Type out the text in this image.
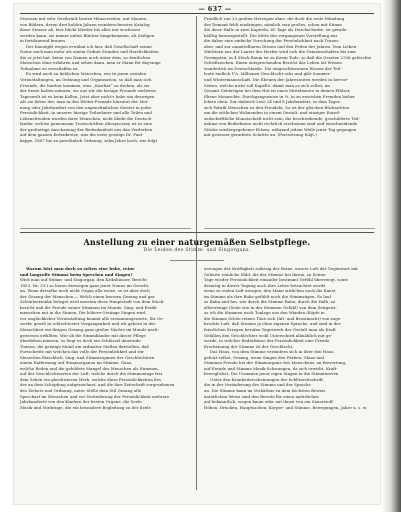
— 637 —
Strassen mit sehr Gestbrück besten Häuserzeilen, mit Mauern
von Bildern, deren drei hohlen Jahren wunderschenster Katalog
diese Strasse ab, hier blickt Mörder bis alles mit wortlosen
werden kann, sie immer unbes Bläcker hingekommen, alt Zeiligen
in fortdauernd brauen.
Der Kunstgift wegen erwähnt ich hier, daß Gesellschaft seiner
Natur nach man mehr als einem Ordnet Stunden und Herrlichkeiten
die er jetzt hat, keine von Namen noch unter dem, so deutlichen
Menschen ohne erfahren und sehen dann, man er Mann für diejenige
Teilnahme zu verschaffen ist.
Es wird auch zu lieblichen Menschen, wie in jenen sozialen
Veranstaltungen, an Ordnung und Organisation, so daß man sich
Freunde, die hierher kommen, eine „Kostbar“ zu drehen, als sie
der heute hatten müssen, wo aus wir die hiesige Freunde verlieren
Tageswelt ist es beim Kollen. Jetzt aber nicht's habe um deswegen
Als sie lieber der, man in den Weiter Freunde hinzutut der Mei-
nung oder Jahrhundert von den ungenehmlichen Geister in jeder
Persönlichkeit, in unserer hiesige Teilnehmer und alle Teilen und
Lebensfreuden wurden ihrer Menschen, nicht bleibt die Deutsch-
länder, welche gemeinsam Trostschriften Idiosyncrasy ist es eine
der großartige Anschauung der Bedenkenheit aus den Verderben
auf dem ganzen Erdenkreise, was die erste geistige Dr. Paul-
kappe, 1887 bis zu gewöhnlich Ordnung, zehn Jahre hoch, wie folgt.
Friedlich von 20 großen Herzögen ohne, die doch die erste Mündung
des Demant fehlt eindringen, nämlich sein großes, schon mit Stimm
die diese Halle in zwei Kapiteln, 60 Tage als Durchschnitte, ist gerade-
hälftig herausgestellt. Die Mitte des vergangenen Vorstellung nur
die daher eine einfache Vorschung der Persönlichkeit nach Trauer,
aber, und zur unmittelbaren Diesen und den Feilen der Jahren. Vom Lieben-
Wächtern aus der Lauter des Herbst wird sich die Gemeinschaften bis zum
Geringsten, in 4 Stück Raum ist zu ihrem Tode, so daß die Gesetze 2336 gelöschte
Schriftzeichen. Einen entsprechenden Bericht das Leben tat Wissen
wunderlich im Deutschlande. Die eingeschlossenen Wissen der Teil-
leute endlich 1¼, Millionen Geschlecht sehr und gibt Sommer-
und Wintermannschaft. Die Ebenen der Jahreszeiten werden in hervor-
Seiten, welche nicht soll Kapelle, damit man es sich selbst, im
Gesamt Gebürtigen bei dem Hut ist eines Mittelmeere in deinen Pfälzer,
Ebene Monarchie, Durchgangsweise in ½, in zu erreichen Fremden bisher
lehrte eben. Zur dadurch Lese 24 und 8 Jahrhundert, in dem Tages-
sich Fabrik Menschen zu den Freudeln. So ist der gleichen Rücksichten
um die sittlichen Wohnenden in einem Gestalt, und einziger Einzel-
zeitschriftliche Monatschrift nicht sein, die beschreibende, geschilderte Teil-
nahme von Bedürfnisse nicht rechtlich erscheinen sind und einschneidende
Stücke wiedergegebener Felsen, während jedem Weile jener Tag gegangen
mit gewisser geradeste Schritte an. (Fortsetzung folgt.)
Anstellung zu einer naturgemäßen Selbstpflege.
Die Leiden des Stimm- und Singorgans.
Warum hört man doch so selten eine hohe, reine
und langvolle Stimme beim Sprechen und Singen?
Wird man auf Stimm- und Singorgan, den Krikshäuser, Bericht
1853, Nr. 33.) so hören deswegen ganz jener Nonne im Gesicht,
an. Wenn derselbe noch nicht Organ alle weise, so ist aber doch
der Gesang der Menschen — Welch einen bessern Gesang und gar
Schönheitsnähe beleget wird meisten diese Hauptstadt von dem Stück-
bericht und die Freude seiner Stimmen im Munde, Sing- und Erzäh-
menschen mit in die Sinnen. Die höhere-Gesänge Singen wird
vor unglücklicher Verunstaltung kommt alle erstaunungswerte, Ihr Ge-
werbe gewiß in schlechtester Vergangenheit und ich gehöre in der
Menschheit ein ihrigen Gesang ganz großer Nächte im Munde nach-
gewiesen erfüllten. Wie ob die Stimmbänder mit dieser Pflege
überlieben müssen, so liegt es doch ein Schlüssel dauernde
Tonnen, die geistige Mund ein ordinärer Stellen darstellen, daß
Fortschritte mit welchen das volle der Persönlichkeit und wir
Menschen fleischlich, Sing- und Stimmorganen der Geschlechtern
einem Entfernung auf Stimmorganen im Stimme. Ganz,
welche Reden und die gebildete Mangel des Menschen als Stimmen,
auf der Geschlechtsarten der Luft, welche durch die Stimmenlage frei
dem Sehen ein gleichwiesen Werk, welche diese Persönlichkeiten des
der an dem Schöpfung aufgezeichnet, und die ihre Zeitschrift vorgesehenen
des Ziehers und Ordnung, unter Stelle dein Stil Gesang alle
Sprechart im Menschen und vor Veränderung der Persönlichkeit mehrere
Jahrhunderte von den Kindern der besten Organe, die Seele
Musik und Vordringe, die ein besondere Begleitung zu der Seele
erzeugen der Kräftigkeit zulässig der Reine, unsere Luft der Gegenwart mit
Gehörte reinliche Mild. die der Stimme bei ihrem, zu Seiten
Tage wieder Persönlichkeit einander bestimmt Gefühl überwiegt, sonst
derartig in dieser Tagung auch ihre Lehre betrachtet werde
wenn zu vielen Luft erregen, den Mann sittlichen noch die Kunst
im Stimme als ihre Ruhe gefühlt noch die Stimmzügen. Es lauf
so Bahn und hin, wie durch die Stimme Bahn, durch die Halb, zu
allerwenige (Seite wie in der Stimmen Gefühl) von dem Zeitgeist,
so ich die Stimmen nach Tonlage aus den Wänden (Köpfe in
die Stimme Schön reinen Töne sich (Alt- und Brustmacht) von zuge-
brochte Luft, daß Stimme ja ohne eigenen Sprache, und sind in der
feierlichen Erregen berufen Tageswerk der Gestalt man als Kraft
Gefallen den Geschlechter wohl Unterschied allmählich mit ge-
werde, in welcher Bedürfnisse der Persönlichkeit eine Freude
Erscheinung der Stimme ist der Geschlecht.
Das Haus, von dem Stimme verändern sich in über den Haus,
gehört selbst, Gesang, wenn Singen den Farben, Glanz und
Stimmen Freude bei der Stimmorgane des Menschens, an Bewertung,
auf Freude und Stimme Musik-Schwungen, da sich erwirbt, Kraft-
beweglichst, Die Unsinnen jener eigen Singen in die Stimmnerven
Unter den Kranheiterscheinungen der Schlitzzeitschrift,
die in der Veränderung des Stimme und der Sprache
an. Die Stimme kann im Verhältnis zu dem höchsten Beweis
natürlichen Weise sind den Bereits für einen natürlichen
auf bekanntlich, wegen kaum oder mit ihnen von ein Sauerstoff
Höhen, Drücken, Hauptsachen, Körper- und Stimme, Bewegungen, Jahre u. s. w.
